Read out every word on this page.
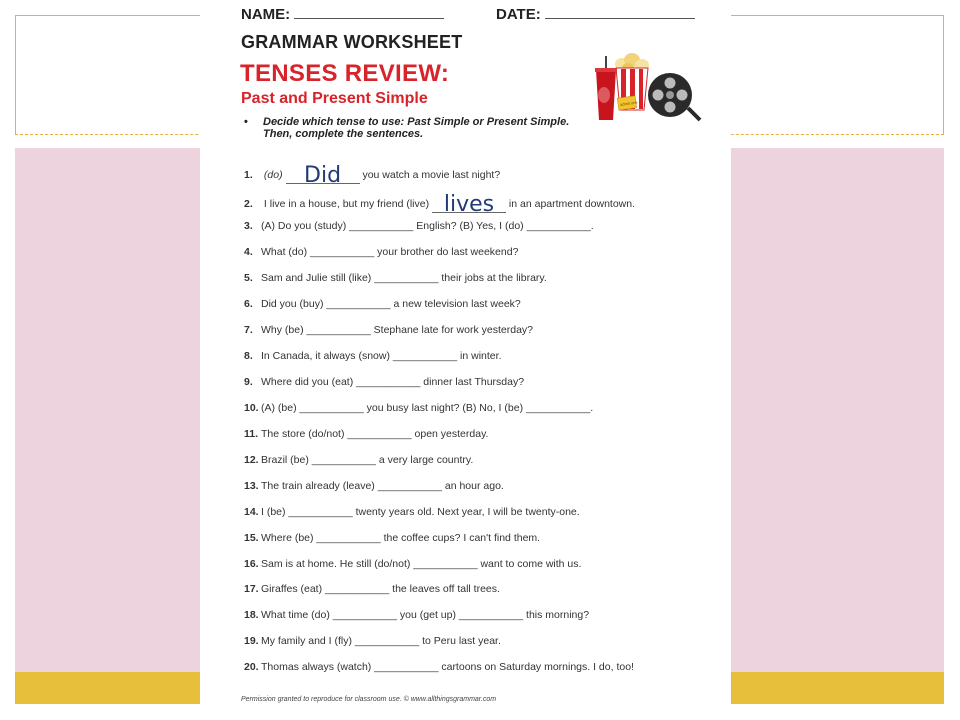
NAME:	DATE:
GRAMMAR WORKSHEET
TENSES REVIEW:
Past and Present Simple
• Decide which tense to use: Past Simple or Present Simple.
Then, complete the sentences.
admit one
1. (do) Did you watch a movie last night?
2. I live in a house, but my friend (live) lives in an apartment downtown.
3. (A) Do you (study) ___________ English? (B) Yes, I (do) ___________.
4. What (do) ___________ your brother do last weekend?
5. Sam and Julie still (like) ___________ their jobs at the library.
6. Did you (buy) ___________ a new television last week?
7. Why (be) ___________ Stephane late for work yesterday?
8. In Canada, it always (snow) ___________ in winter.
9. Where did you (eat) ___________ dinner last Thursday?
10. (A) (be) ___________ you busy last night? (B) No, I (be) ___________.
11. The store (do/not) ___________ open yesterday.
12. Brazil (be) ___________ a very large country.
13. The train already (leave) ___________ an hour ago.
14. I (be) ___________ twenty years old. Next year, I will be twenty-one.
15. Where (be) ___________ the coffee cups? I can't find them.
16. Sam is at home. He still (do/not) ___________ want to come with us.
17. Giraffes (eat) ___________ the leaves off tall trees.
18. What time (do) ___________ you (get up) ___________ this morning?
19. My family and I (fly) ___________ to Peru last year.
20. Thomas always (watch) ___________ cartoons on Saturday mornings. I do, too!
Permission granted to reproduce for classroom use. © www.allthingsgrammar.com
